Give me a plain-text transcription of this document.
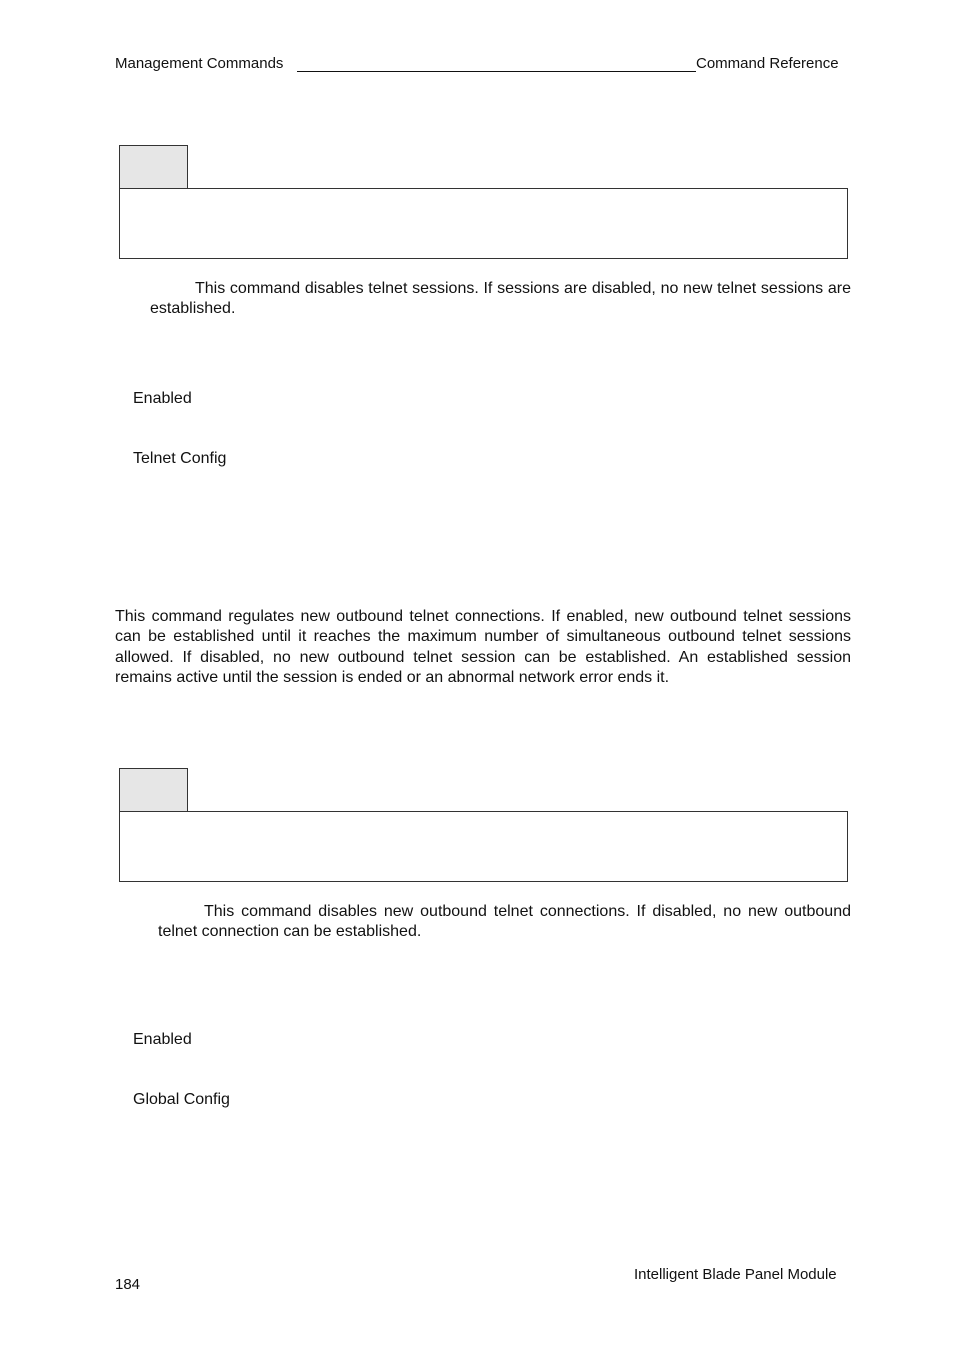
Management Commands	Command Reference
This command disables telnet sessions. If sessions are disabled, no new telnet sessions are established.
Enabled
Telnet Config
This command regulates new outbound telnet connections. If enabled, new outbound telnet sessions can be established until it reaches the maximum number of simultaneous outbound telnet sessions allowed. If disabled, no new outbound telnet session can be established. An established session remains active until the session is ended or an abnormal network error ends it.
This command disables new outbound telnet connections. If disabled, no new outbound telnet connection can be established.
Enabled
Global Config
184
Intelligent Blade Panel Module
